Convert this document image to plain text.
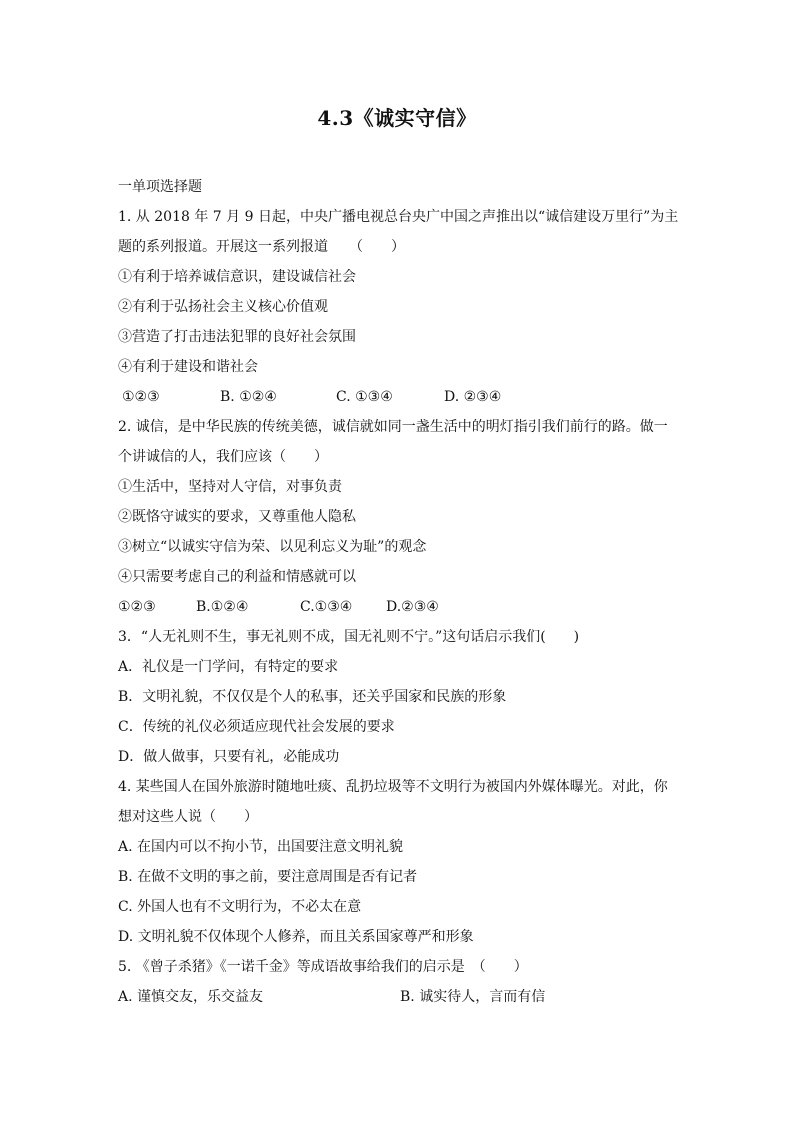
4.3《诚实守信》
一单项选择题
1. 从 2018 年 7 月 9 日起，中央广播电视总台央广中国之声推出以“诚信建设万里行”为主
题的系列报道。开展这一系列报道　　（　　）
①有利于培养诚信意识，建设诚信社会
②有利于弘扬社会主义核心价值观
③营造了打击违法犯罪的良好社会氛围
④有利于建设和谐社会
①②③	B. ①②④	C. ①③④	D. ②③④
2. 诚信，是中华民族的传统美德，诚信就如同一盏生活中的明灯指引我们前行的路。做一
个讲诚信的人，我们应该（　　）
①生活中，坚持对人守信，对事负责
②既恪守诚实的要求，又尊重他人隐私
③树立“以诚实守信为荣、以见利忘义为耻”的观念
④只需要考虑自己的利益和情感就可以
①②③	B.①②④	C.①③④	D.②③④
3．“人无礼则不生，事无礼则不成，国无礼则不宁。”这句话启示我们(　　)
A．礼仪是一门学问，有特定的要求
B．文明礼貌，不仅仅是个人的私事，还关乎国家和民族的形象
C．传统的礼仪必须适应现代社会发展的要求
D．做人做事，只要有礼，必能成功
4. 某些国人在国外旅游时随地吐痰、乱扔垃圾等不文明行为被国内外媒体曝光。对此，你
想对这些人说（　　）
A. 在国内可以不拘小节，出国要注意文明礼貌
B. 在做不文明的事之前，要注意周围是否有记者
C. 外国人也有不文明行为，不必太在意
D. 文明礼貌不仅体现个人修养，而且关系国家尊严和形象
5. 《曾子杀猪》《一诺千金》等成语故事给我们的启示是　（　　）
A. 谨慎交友，乐交益友	B. 诚实待人，言而有信
